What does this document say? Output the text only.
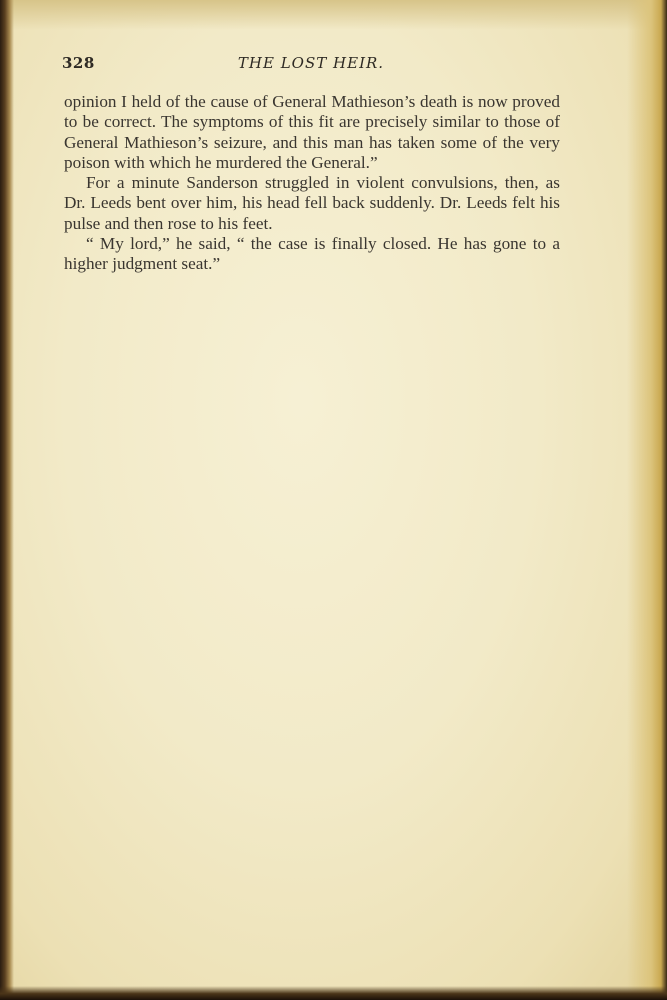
328	THE LOST HEIR.

opinion I held of the cause of General Mathieson’s death is now proved to be correct. The symptoms of this fit are precisely similar to those of General Mathieson’s seizure, and this man has taken some of the very poison with which he murdered the General.”

For a minute Sanderson struggled in violent convulsions, then, as Dr. Leeds bent over him, his head fell back suddenly. Dr. Leeds felt his pulse and then rose to his feet.

“ My lord,” he said, “ the case is finally closed. He has gone to a higher judgment seat.”
